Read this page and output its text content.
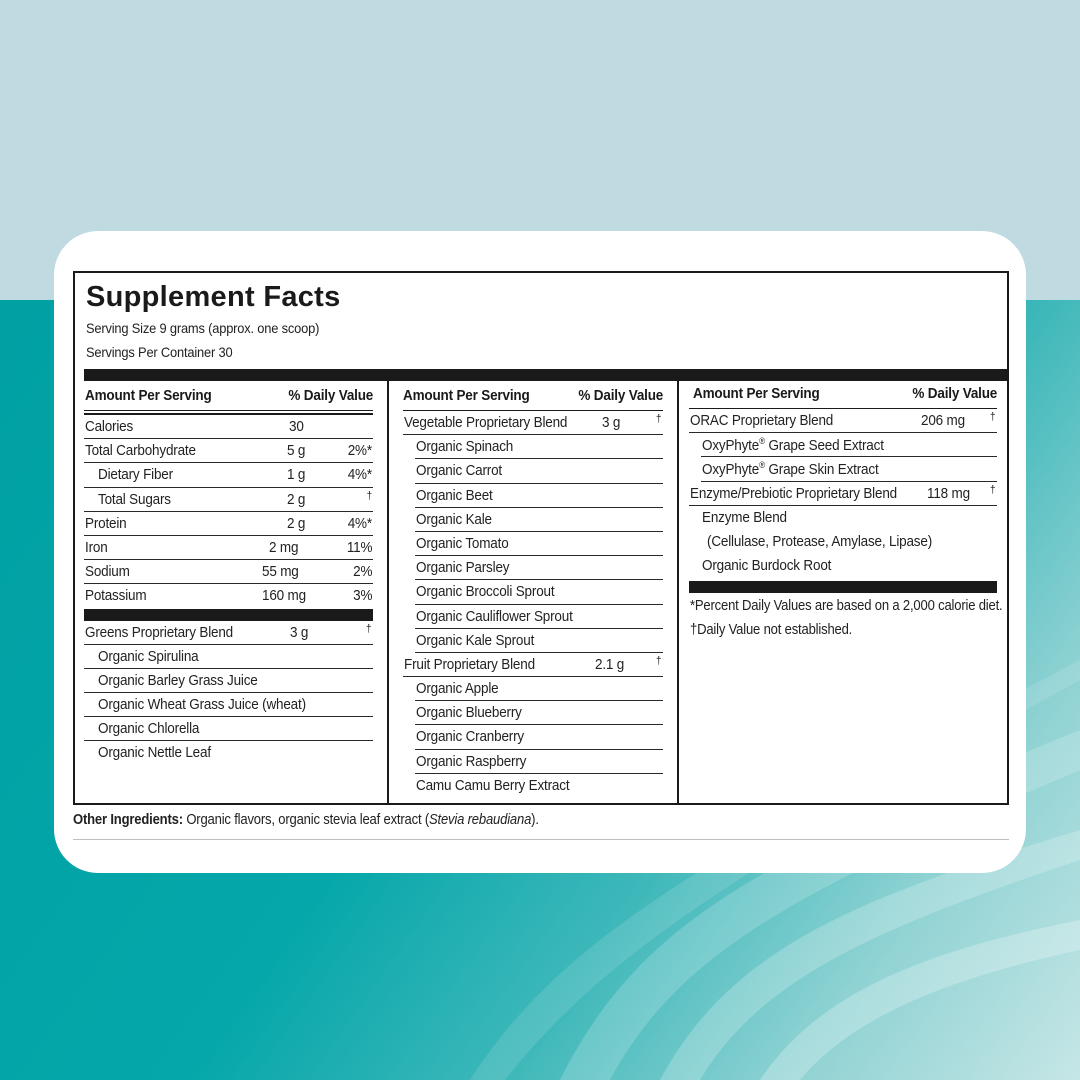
Supplement Facts
Serving Size 9 grams (approx. one scoop)
Servings Per Container 30
Amount Per Serving	% Daily Value
Calories	30
Total Carbohydrate	5 g	2%*
Dietary Fiber	1 g	4%*
Total Sugars	2 g	†
Protein	2 g	4%*
Iron	2 mg	11%
Sodium	55 mg	2%
Potassium	160 mg	3%
Greens Proprietary Blend	3 g	†
Organic Spirulina
Organic Barley Grass Juice
Organic Wheat Grass Juice (wheat)
Organic Chlorella
Organic Nettle Leaf
Amount Per Serving	% Daily Value
Vegetable Proprietary Blend 3 g	†
Organic Spinach
Organic Carrot
Organic Beet
Organic Kale
Organic Tomato
Organic Parsley
Organic Broccoli Sprout
Organic Cauliflower Sprout
Organic Kale Sprout
Fruit Proprietary Blend	2.1 g	†
Organic Apple
Organic Blueberry
Organic Cranberry
Organic Raspberry
Camu Camu Berry Extract
Amount Per Serving	% Daily Value
ORAC Proprietary Blend	206 mg †
OxyPhyte® Grape Seed Extract
OxyPhyte® Grape Skin Extract
Enzyme/Prebiotic Proprietary Blend 118 mg †
Enzyme Blend
(Cellulase, Protease, Amylase, Lipase)
Organic Burdock Root
*Percent Daily Values are based on a 2,000 calorie diet.
†Daily Value not established.
Other Ingredients: Organic flavors, organic stevia leaf extract (Stevia rebaudiana).
